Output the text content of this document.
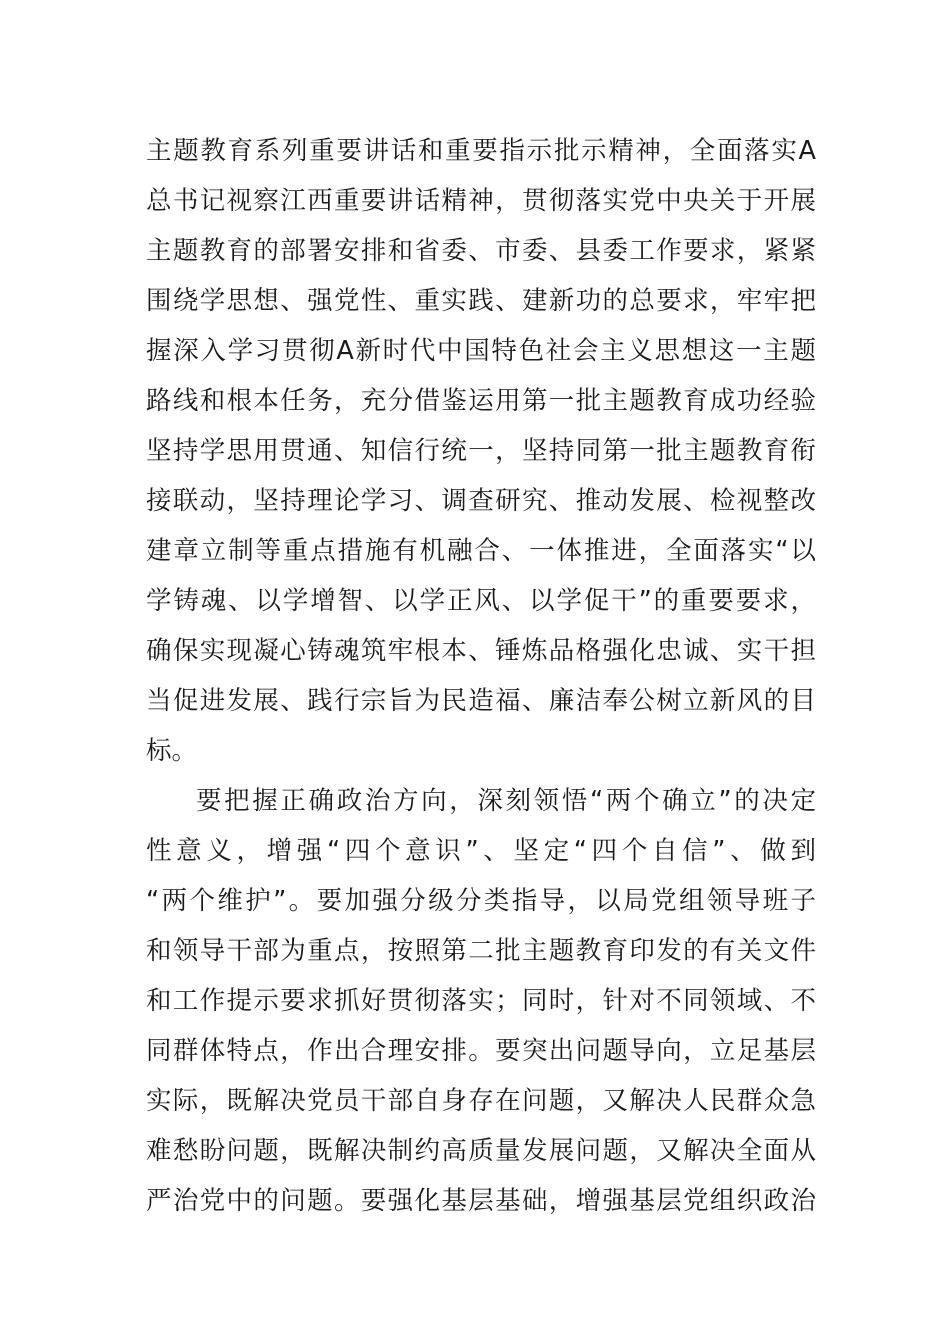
主题教育系列重要讲话和重要指示批示精神，全面落实A
总书记视察江西重要讲话精神，贯彻落实党中央关于开展
主题教育的部署安排和省委、市委、县委工作要求，紧紧
围绕学思想、强党性、重实践、建新功的总要求，牢牢把
握深入学习贯彻A新时代中国特色社会主义思想这一主题
路线和根本任务，充分借鉴运用第一批主题教育成功经验
坚持学思用贯通、知信行统一，坚持同第一批主题教育衔
接联动，坚持理论学习、调查研究、推动发展、检视整改
建章立制等重点措施有机融合、一体推进，全面落实“以
学铸魂、以学增智、以学正风、以学促干”的重要要求，
确保实现凝心铸魂筑牢根本、锤炼品格强化忠诚、实干担
当促进发展、践行宗旨为民造福、廉洁奉公树立新风的目
标。
要把握正确政治方向，深刻领悟“两个确立”的决定
性意义，增强“四个意识”、坚定“四个自信”、做到
“两个维护”。要加强分级分类指导，以局党组领导班子
和领导干部为重点，按照第二批主题教育印发的有关文件
和工作提示要求抓好贯彻落实；同时，针对不同领域、不
同群体特点，作出合理安排。要突出问题导向，立足基层
实际，既解决党员干部自身存在问题，又解决人民群众急
难愁盼问题，既解决制约高质量发展问题，又解决全面从
严治党中的问题。要强化基层基础，增强基层党组织政治
